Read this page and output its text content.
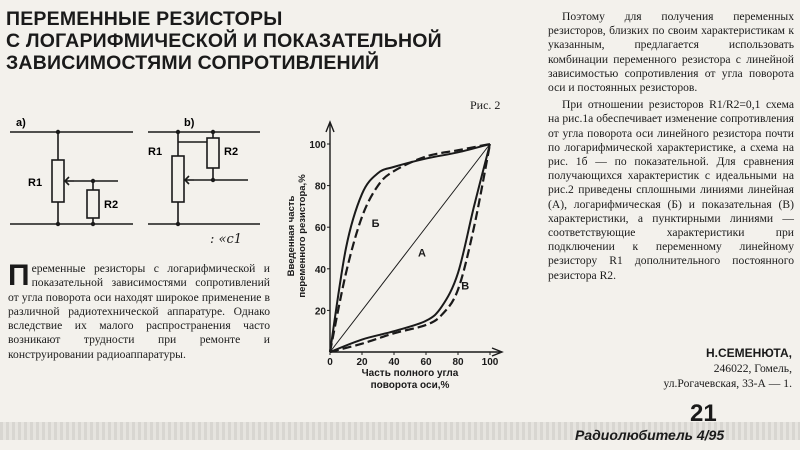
ПЕРЕМЕННЫЕ РЕЗИСТОРЫ
С ЛОГАРИФМИЧЕСКОЙ И ПОКАЗАТЕЛЬНОЙ
ЗАВИСИМОСТЯМИ СОПРОТИВЛЕНИЙ
Рис. 2
a)	b)
R1
R2
R1	R2
: «с1
0 20 40 60 80 100
20
40
60
80
100
А
Б
В
Введенная часть переменного резистора,%
Часть полного угла
поворота оси,%

Переменные резисторы с логарифмической и показательной зависимостями сопротивлений от угла поворота оси находят широкое применение в различной радиотехнической аппаратуре. Однако вследствие их малого распространения часто возникают трудности при ремонте и конструировании радиоаппаратуры.

Поэтому для получения переменных резисторов, близких по своим характеристикам к указанным, предлагается использовать комбинации переменного резистора с линейной зависимостью сопротивления от угла поворота оси и постоянных резисторов.

При отношении резисторов R1/R2=0,1 схема на рис.1а обеспечивает изменение сопротивления от угла поворота оси линейного резистора почти по логарифмической характеристике, а схема на рис. 1б — по показательной. Для сравнения получающихся характеристик с идеальными на рис.2 приведены сплошными линиями линейная (А), логарифмическая (Б) и показательная (В) характеристики, а пунктирными линиями — соответствующие характеристики при подключении к переменному линейному резистору R1 дополнительного постоянного резистора R2.

Н.СЕМЕНЮТА,
246022, Гомель,
ул.Рогачевская, 33-А — 1.
21
Радиолюбитель 4/95
